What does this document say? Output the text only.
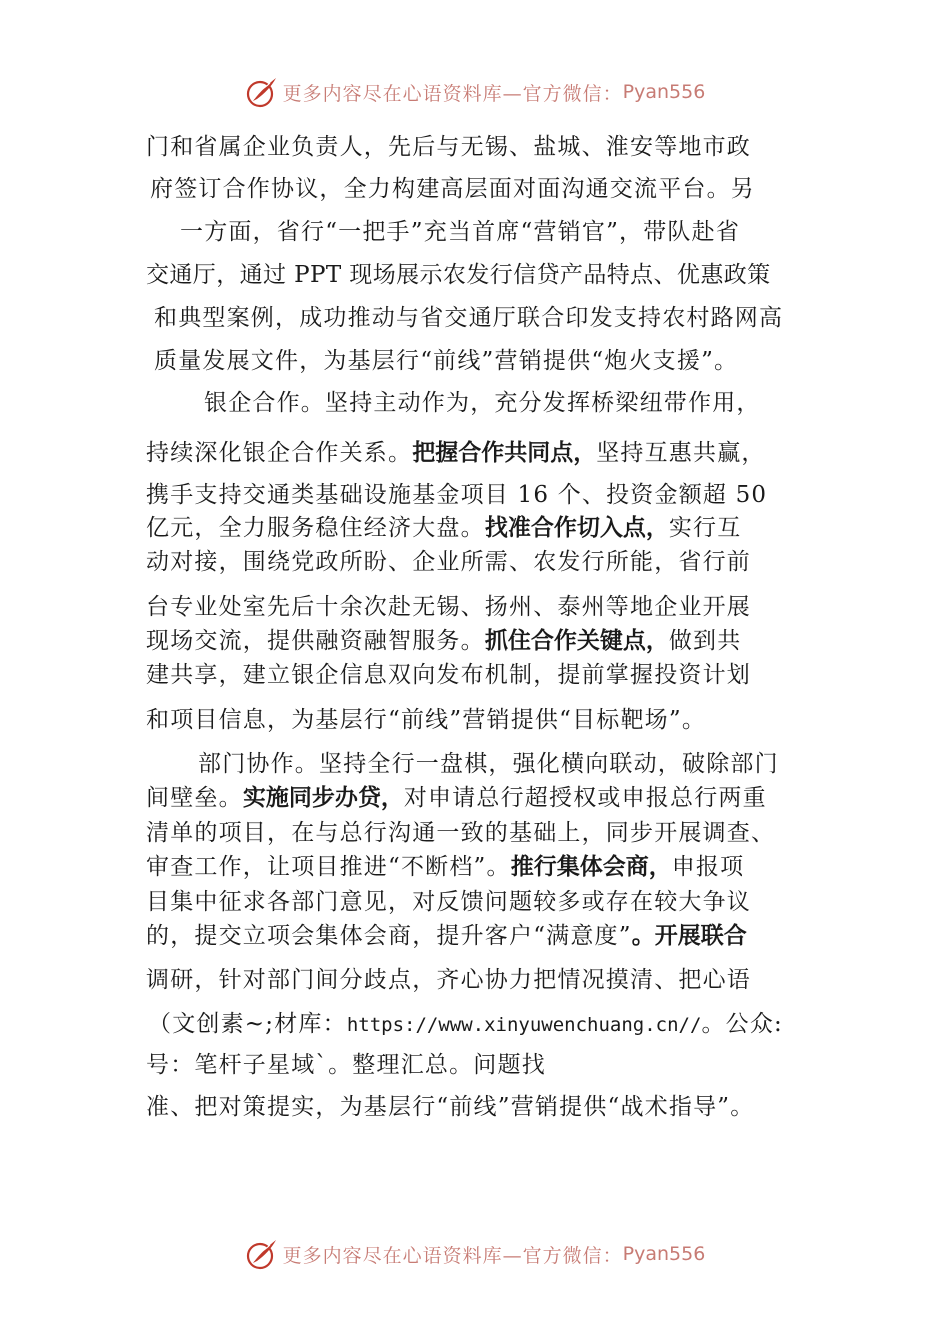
更多内容尽在心语资料库—官方微信： Pyan556
门和省属企业负责人，先后与无锡、盐城、淮安等地市政
府签订合作协议，全力构建高层面对面沟通交流平台。另
一方面，省行“一把手”充当首席“营销官”，带队赴省
交通厅，通过 PPT 现场展示农发行信贷产品特点、优惠政策
和典型案例，成功推动与省交通厅联合印发支持农村路网高
质量发展文件，为基层行“前线”营销提供“炮火支援”。
银企合作。坚持主动作为，充分发挥桥梁纽带作用，
持续深化银企合作关系。把握合作共同点，坚持互惠共赢，
携手支持交通类基础设施基金项目 16 个、投资金额超 50
亿元，全力服务稳住经济大盘。找准合作切入点，实行互
动对接，围绕党政所盼、企业所需、农发行所能，省行前
台专业处室先后十余次赴无锡、扬州、泰州等地企业开展
现场交流，提供融资融智服务。抓住合作关键点，做到共
建共享，建立银企信息双向发布机制，提前掌握投资计划
和项目信息，为基层行“前线”营销提供“目标靶场”。
部门协作。坚持全行一盘棋，强化横向联动，破除部门
间壁垒。实施同步办贷，对申请总行超授权或申报总行两重
清单的项目，在与总行沟通一致的基础上，同步开展调查、
审查工作，让项目推进“不断档”。推行集体会商，申报项
目集中征求各部门意见，对反馈问题较多或存在较大争议
的，提交立项会集体会商，提升客户“满意度”。开展联合
调研，针对部门间分歧点，齐心协力把情况摸清、把心语
（文创素~;材库：https://www.xinyuwenchuang.cn//。公众:
号：笔杆子星域`。整理汇总。问题找
准、把对策提实，为基层行“前线”营销提供“战术指导”。
更多内容尽在心语资料库—官方微信： Pyan556
